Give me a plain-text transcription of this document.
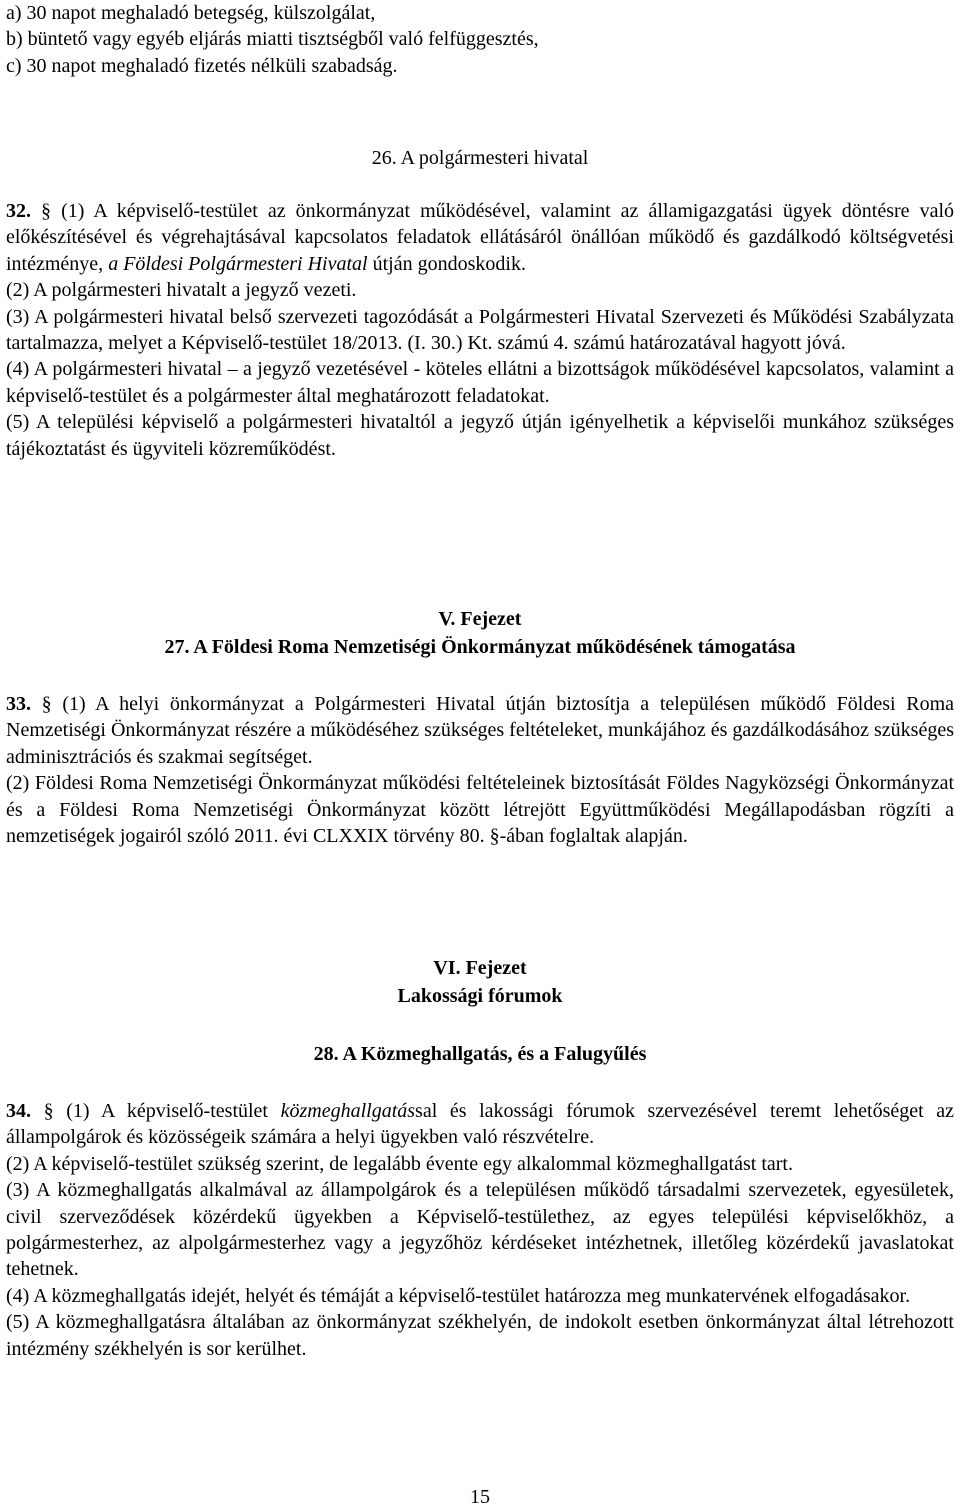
a) 30 napot meghaladó betegség, külszolgálat,
b) büntető vagy egyéb eljárás miatti tisztségből való felfüggesztés,
c) 30 napot meghaladó fizetés nélküli szabadság.
26. A polgármesteri hivatal

32. § (1) A képviselő-testület az önkormányzat működésével, valamint az államigazgatási ügyek döntésre való előkészítésével és végrehajtásával kapcsolatos feladatok ellátásáról önállóan működő és gazdálkodó költségvetési intézménye, a Földesi Polgármesteri Hivatal útján gondoskodik.

(2) A polgármesteri hivatalt a jegyző vezeti.

(3) A polgármesteri hivatal belső szervezeti tagozódását a Polgármesteri Hivatal Szervezeti és Működési Szabályzata tartalmazza, melyet a Képviselő-testület 18/2013. (I. 30.) Kt. számú 4. számú határozatával hagyott jóvá.

(4) A polgármesteri hivatal – a jegyző vezetésével - köteles ellátni a bizottságok működésével kapcsolatos, valamint a képviselő-testület és a polgármester által meghatározott feladatokat.

(5) A települési képviselő a polgármesteri hivataltól a jegyző útján igényelhetik a képviselői munkához szükséges tájékoztatást és ügyviteli közreműködést.

V. Fejezet
27. A Földesi Roma Nemzetiségi Önkormányzat működésének támogatása

33. § (1) A helyi önkormányzat a Polgármesteri Hivatal útján biztosítja a településen működő Földesi Roma Nemzetiségi Önkormányzat részére a működéséhez szükséges feltételeket, munkájához és gazdálkodásához szükséges adminisztrációs és szakmai segítséget.

(2) Földesi Roma Nemzetiségi Önkormányzat működési feltételeinek biztosítását Földes Nagyközségi Önkormányzat és a Földesi Roma Nemzetiségi Önkormányzat között létrejött Együttműködési Megállapodásban rögzíti a nemzetiségek jogairól szóló 2011. évi CLXXIX törvény 80. §-ában foglaltak alapján.

VI. Fejezet
Lakossági fórumok
28. A Közmeghallgatás, és a Falugyűlés

34. § (1) A képviselő-testület közmeghallgatással és lakossági fórumok szervezésével teremt lehetőséget az állampolgárok és közösségeik számára a helyi ügyekben való részvételre.

(2) A képviselő-testület szükség szerint, de legalább évente egy alkalommal közmeghallgatást tart.

(3) A közmeghallgatás alkalmával az állampolgárok és a településen működő társadalmi szervezetek, egyesületek, civil szerveződések közérdekű ügyekben a Képviselő-testülethez, az egyes települési képviselőkhöz, a polgármesterhez, az alpolgármesterhez vagy a jegyzőhöz kérdéseket intézhetnek, illetőleg közérdekű javaslatokat tehetnek.

(4) A közmeghallgatás idejét, helyét és témáját a képviselő-testület határozza meg munkatervének elfogadásakor.

(5) A közmeghallgatásra általában az önkormányzat székhelyén, de indokolt esetben önkormányzat által létrehozott intézmény székhelyén is sor kerülhet.

15
